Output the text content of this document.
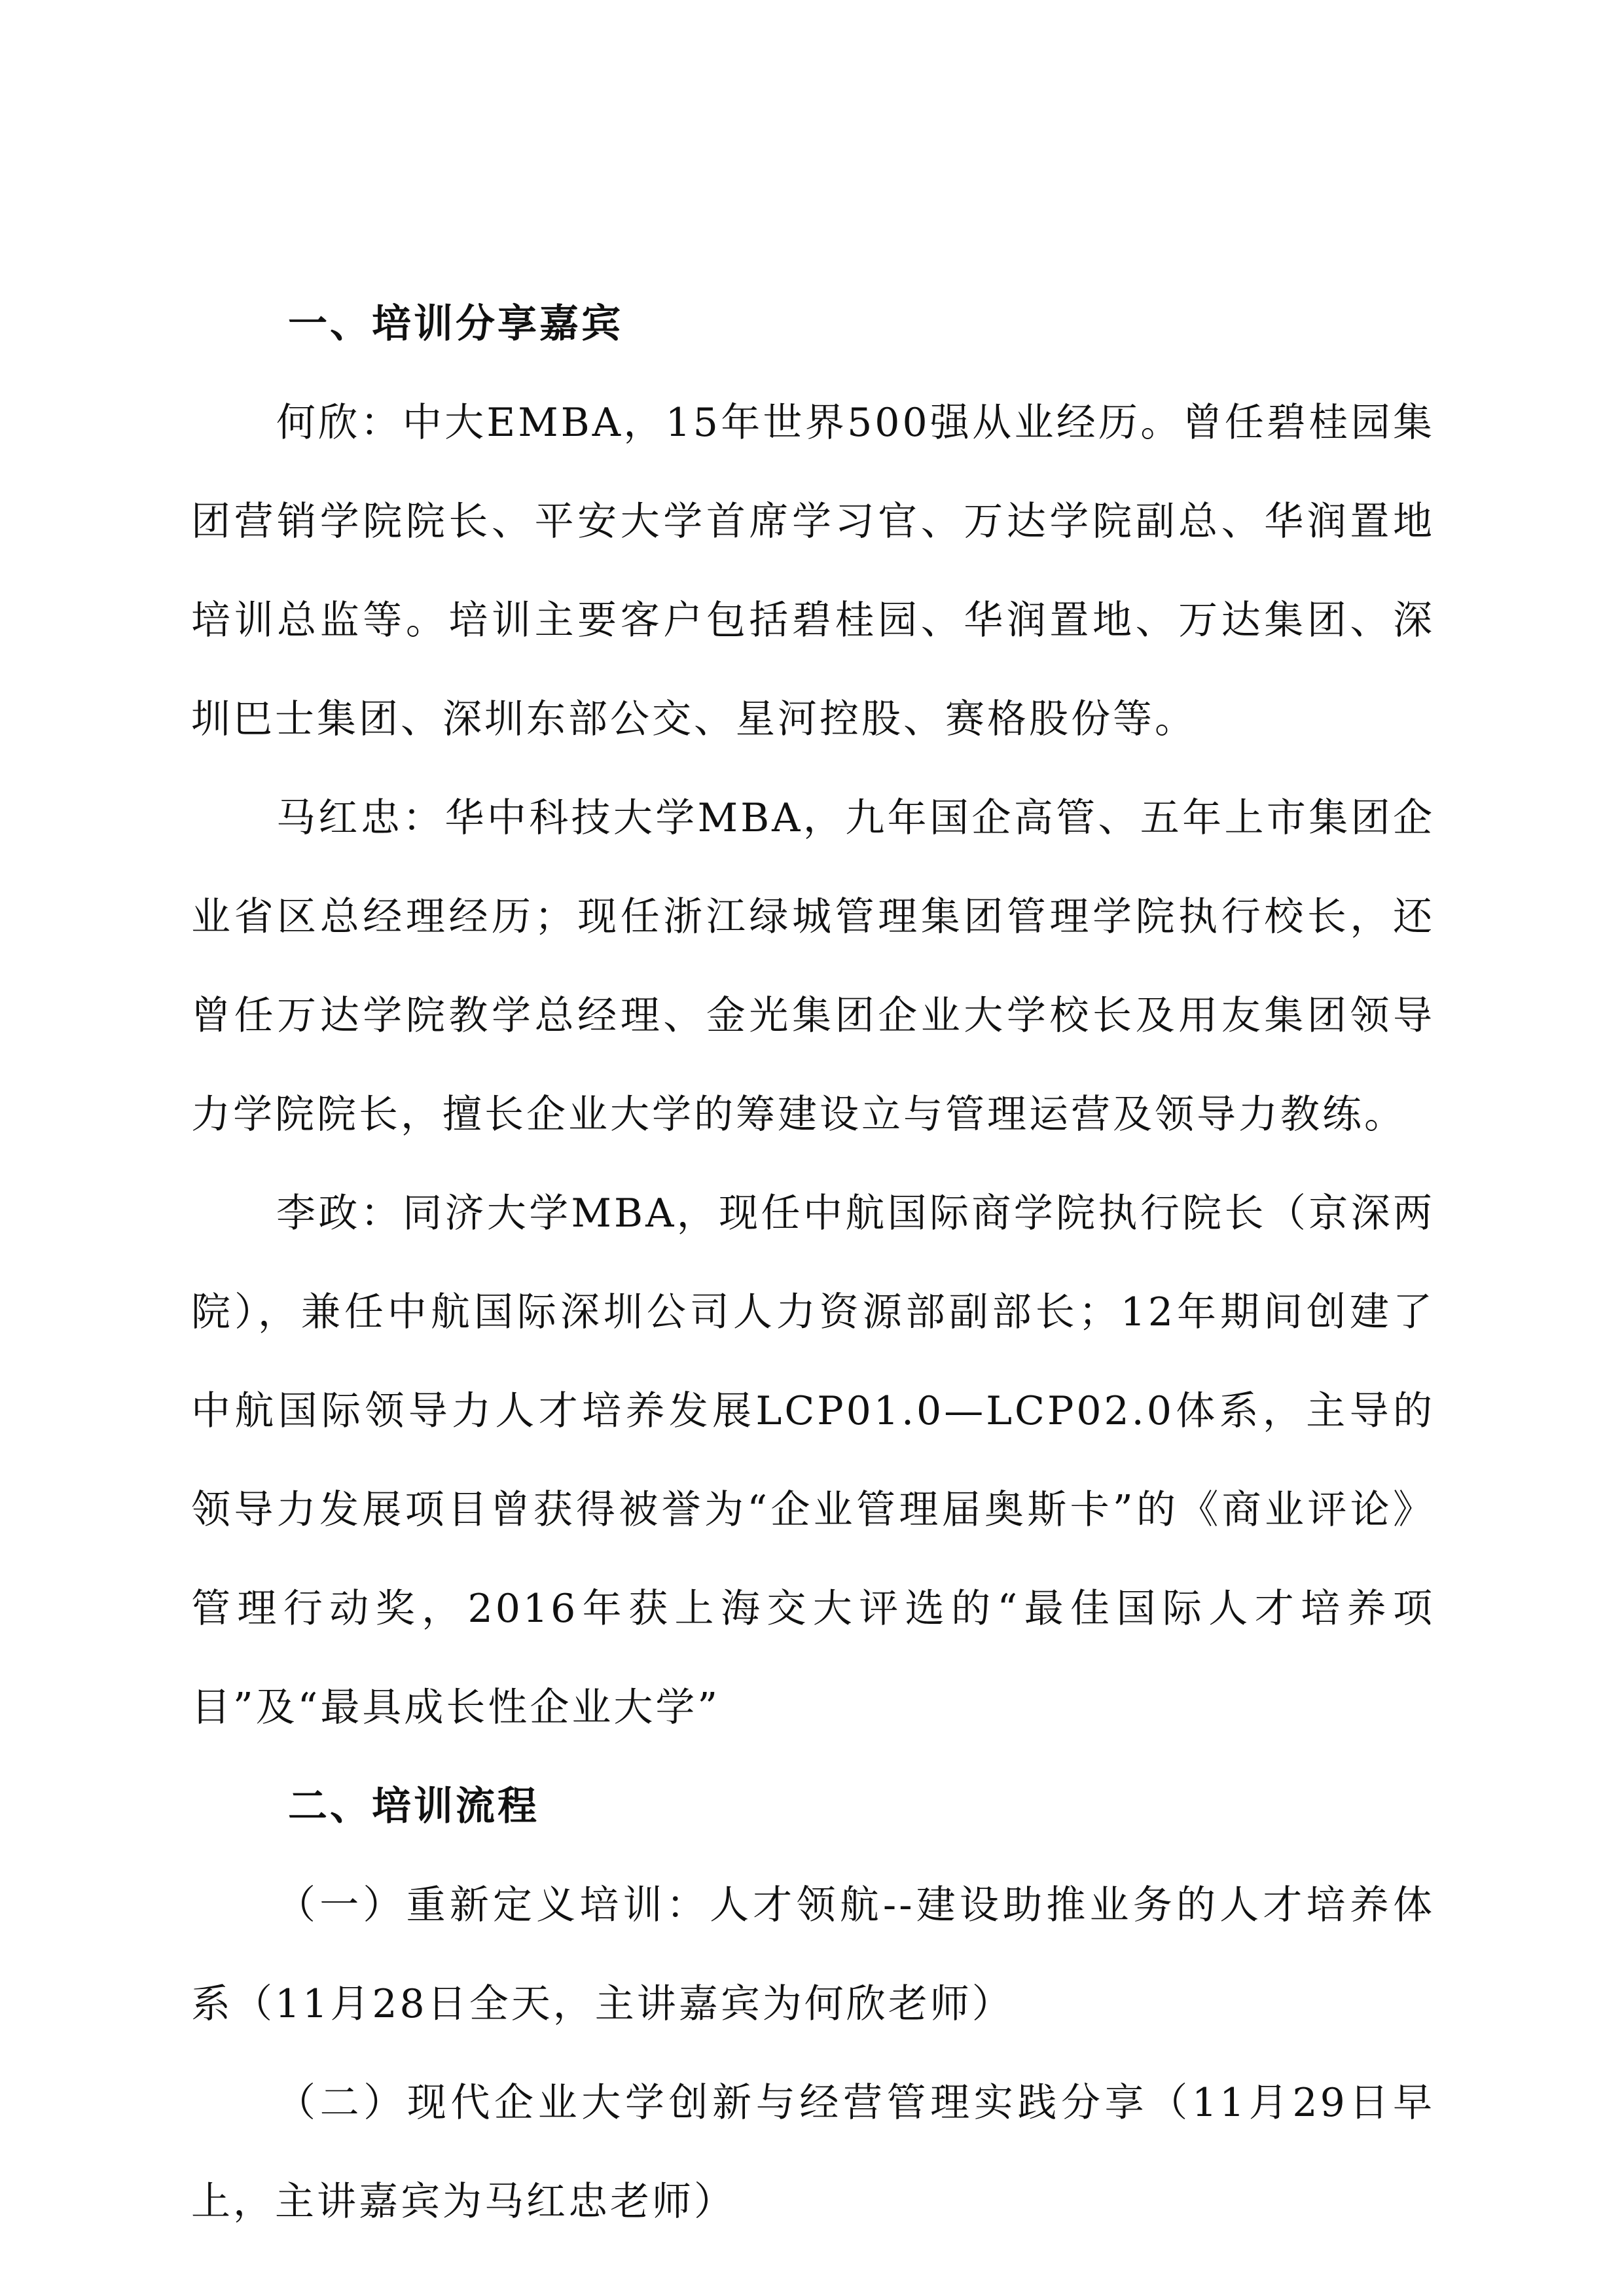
一、培训分享嘉宾

何欣：中大EMBA，15年世界500强从业经历。曾任碧桂园集团营销学院院长、平安大学首席学习官、万达学院副总、华润置地培训总监等。培训主要客户包括碧桂园、华润置地、万达集团、深圳巴士集团、深圳东部公交、星河控股、赛格股份等。

马红忠：华中科技大学MBA，九年国企高管、五年上市集团企业省区总经理经历；现任浙江绿城管理集团管理学院执行校长，还曾任万达学院教学总经理、金光集团企业大学校长及用友集团领导力学院院长，擅长企业大学的筹建设立与管理运营及领导力教练。

李政：同济大学MBA，现任中航国际商学院执行院长（京深两院），兼任中航国际深圳公司人力资源部副部长；12年期间创建了中航国际领导力人才培养发展LCP01.0—LCP02.0体系，主导的领导力发展项目曾获得被誉为“企业管理届奥斯卡”的《商业评论》管理行动奖，2016年获上海交大评选的“最佳国际人才培养项目”及“最具成长性企业大学”

二、培训流程

（一）重新定义培训：人才领航--建设助推业务的人才培养体系（11月28日全天，主讲嘉宾为何欣老师）

（二）现代企业大学创新与经营管理实践分享（11月29日早上，主讲嘉宾为马红忠老师）
